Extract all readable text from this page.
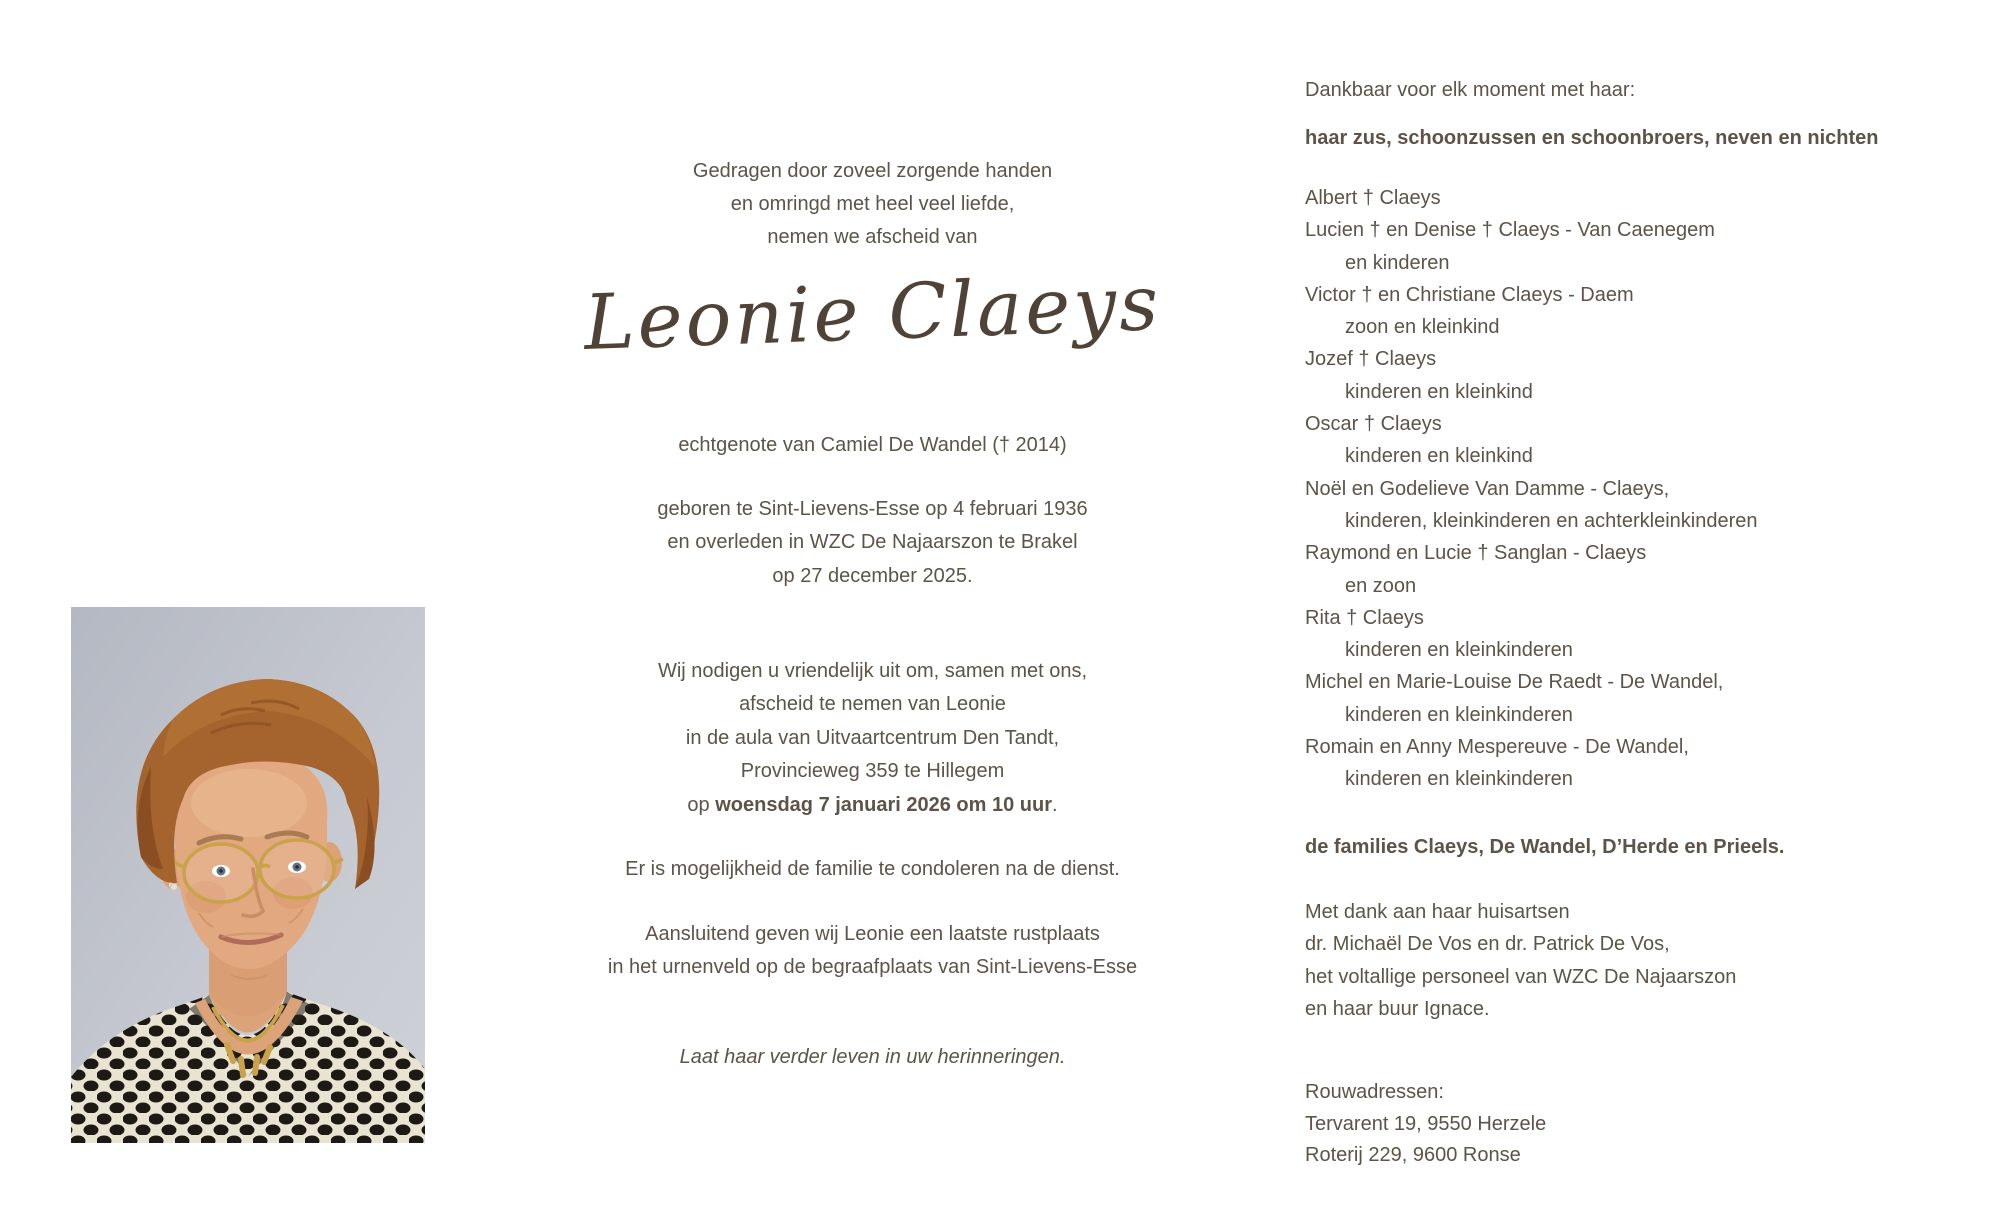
Gedragen door zoveel zorgende handen
en omringd met heel veel liefde,
nemen we afscheid van
Leonie Claeys
echtgenote van Camiel De Wandel († 2014)
geboren te Sint-Lievens-Esse op 4 februari 1936
en overleden in WZC De Najaarszon te Brakel
op 27 december 2025.
Wij nodigen u vriendelijk uit om, samen met ons,
afscheid te nemen van Leonie
in de aula van Uitvaartcentrum Den Tandt,
Provincieweg 359 te Hillegem
op woensdag 7 januari 2026 om 10 uur.
Er is mogelijkheid de familie te condoleren na de dienst.
Aansluitend geven wij Leonie een laatste rustplaats
in het urnenveld op de begraafplaats van Sint-Lievens-Esse
Laat haar verder leven in uw herinneringen.
Dankbaar voor elk moment met haar:
haar zus, schoonzussen en schoonbroers, neven en nichten
Albert † Claeys
Lucien † en Denise † Claeys - Van Caenegem
en kinderen
Victor † en Christiane Claeys - Daem
zoon en kleinkind
Jozef † Claeys
kinderen en kleinkind
Oscar † Claeys
kinderen en kleinkind
Noël en Godelieve Van Damme - Claeys,
kinderen, kleinkinderen en achterkleinkinderen
Raymond en Lucie † Sanglan - Claeys
en zoon
Rita † Claeys
kinderen en kleinkinderen
Michel en Marie-Louise De Raedt - De Wandel,
kinderen en kleinkinderen
Romain en Anny Mespereuve - De Wandel,
kinderen en kleinkinderen
de families Claeys, De Wandel, D’Herde en Prieels.
Met dank aan haar huisartsen
dr. Michaël De Vos en dr. Patrick De Vos,
het voltallige personeel van WZC De Najaarszon
en haar buur Ignace.
Rouwadressen:
Tervarent 19, 9550 Herzele
Roterij 229, 9600 Ronse
